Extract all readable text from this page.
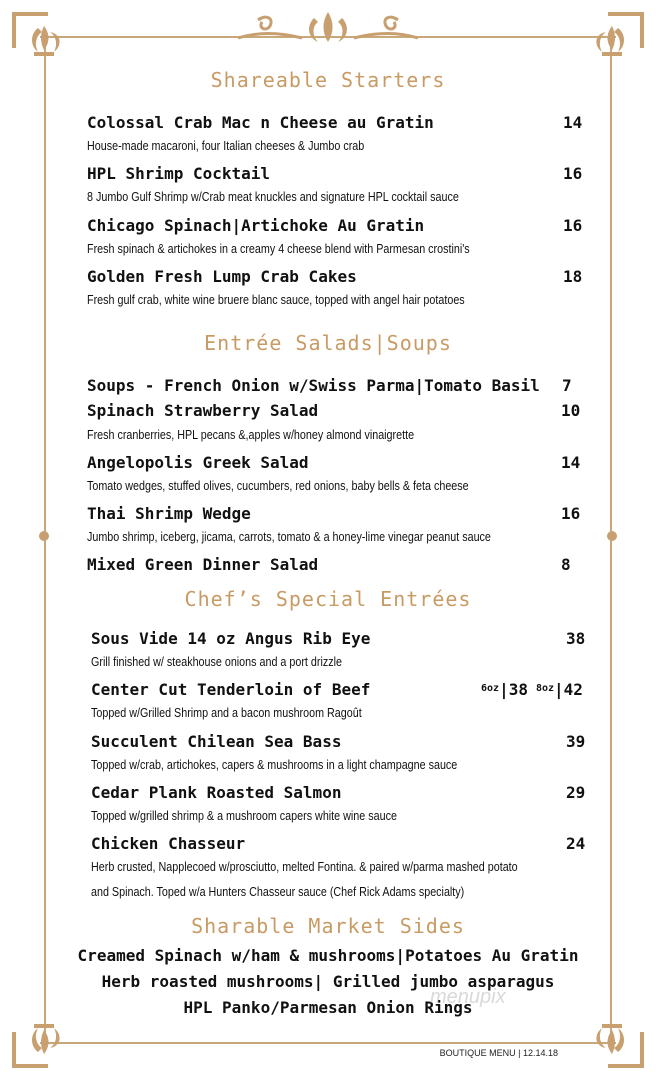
Shareable Starters
Colossal Crab Mac n Cheese au Gratin	14
House-made macaroni, four Italian cheeses & Jumbo crab
HPL Shrimp Cocktail	16
8 Jumbo Gulf Shrimp w/Crab meat knuckles and signature HPL cocktail sauce
Chicago Spinach|Artichoke Au Gratin	16
Fresh spinach & artichokes in a creamy 4 cheese blend with Parmesan crostini's
Golden Fresh Lump Crab Cakes	18
Fresh gulf crab, white wine bruere blanc sauce, topped with angel hair potatoes
Entrée Salads|Soups
Soups - French Onion w/Swiss Parma|Tomato Basil 7
Spinach Strawberry Salad	10
Fresh cranberries, HPL pecans &,apples w/honey almond vinaigrette
Angelopolis Greek Salad	14
Tomato wedges, stuffed olives, cucumbers, red onions, baby bells & feta cheese
Thai Shrimp Wedge	16
Jumbo shrimp, iceberg, jicama, carrots, tomato & a honey-lime vinegar peanut sauce
Mixed Green Dinner Salad	8
Chef’s Special Entrées
Sous Vide 14 oz Angus Rib Eye	38
Grill finished w/ steakhouse onions and a port drizzle
Center Cut Tenderloin of Beef	$^{6oz}$|38 $^{8oz}$|42
Topped w/Grilled Shrimp and a bacon mushroom Ragoût
Succulent Chilean Sea Bass	39
Topped w/crab, artichokes, capers & mushrooms in a light champagne sauce
Cedar Plank Roasted Salmon	29
Topped w/grilled shrimp & a mushroom capers white wine sauce
Chicken Chasseur	24
Herb crusted, Napplecoed w/prosciutto, melted Fontina. & paired w/parma mashed potato
and Spinach. Toped w/a Hunters Chasseur sauce (Chef Rick Adams specialty)
Sharable Market Sides
Creamed Spinach w/ham & mushrooms|Potatoes Au Gratin
Herb roasted mushrooms| Grilled jumbo asparagus
HPL Panko/Parmesan Onion Rings
menupix
BOUTIQUE MENU | 12.14.18
